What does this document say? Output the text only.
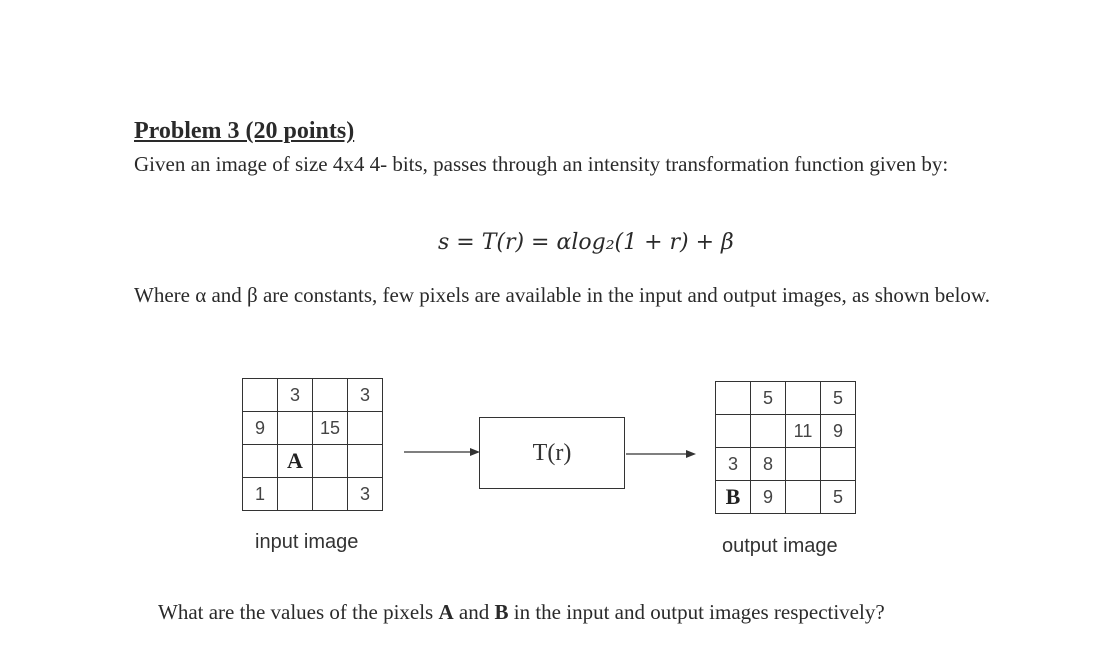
Problem 3 (20 points)
Given an image of size 4x4 4- bits, passes through an intensity transformation function given by:
s = T(r) = αlog₂(1 + r) + β
Where α and β are constants, few pixels are available in the input and output images, as shown below.
	3		3
9		15	
	A		
1			3
input image
T(r)
	5		5
		11	9
3	8		
B	9		5
output image
What are the values of the pixels A and B in the input and output images respectively?
